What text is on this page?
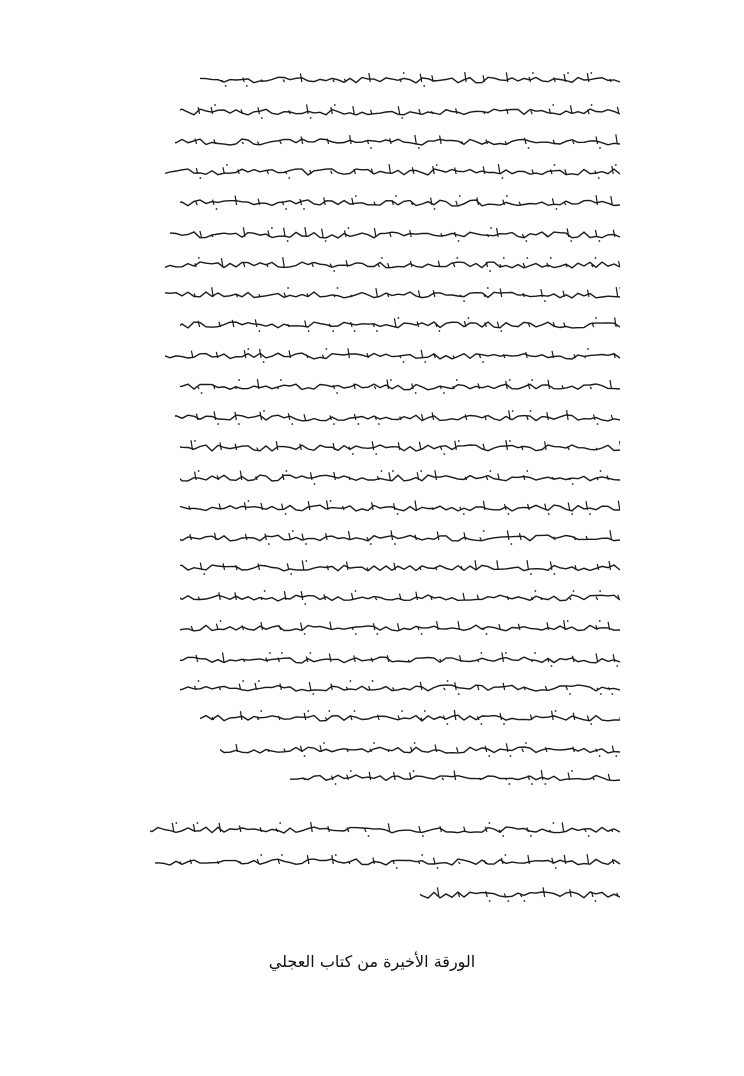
الورقة الأخيرة من كتاب العجلي
